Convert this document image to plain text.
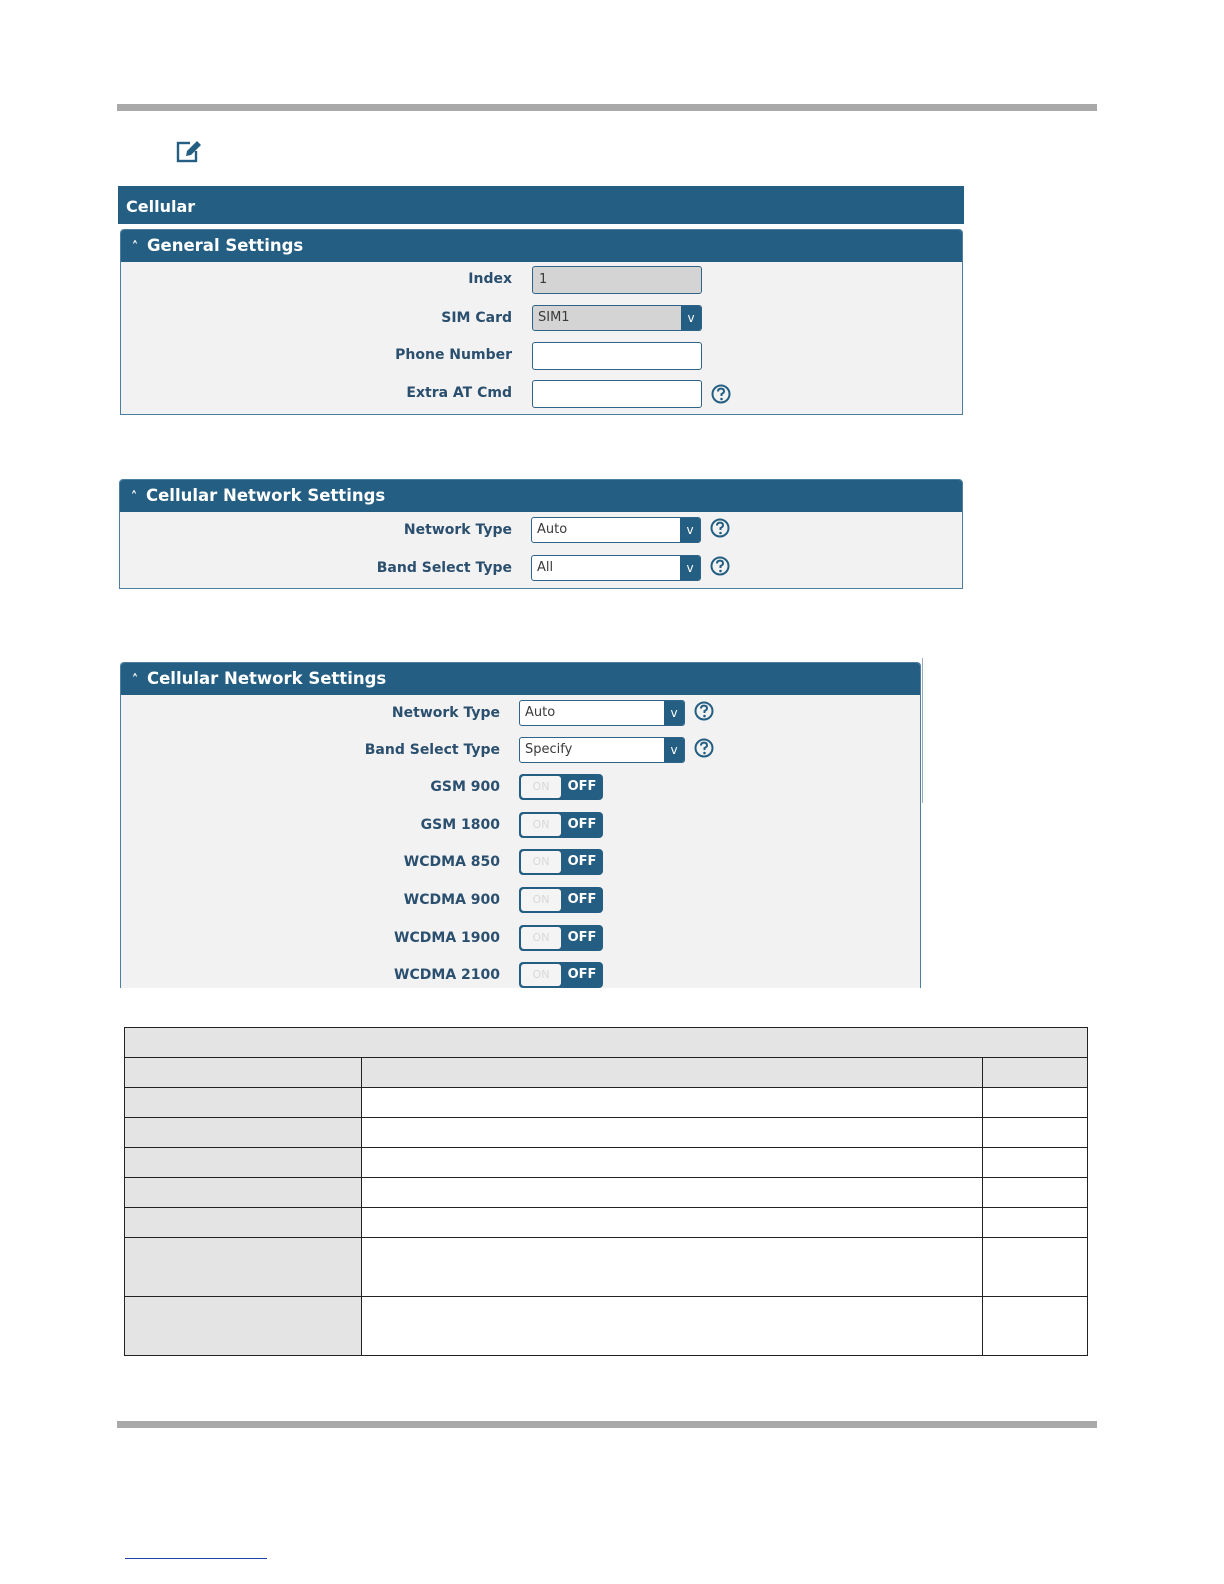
Cellular
˄ General Settings
Index	1
SIM Card	SIM1	v
Phone Number
Extra AT Cmd
˄ Cellular Network Settings
Network Type	Auto	v
Band Select Type	All	v
˄ Cellular Network Settings
Network Type	Auto	v
Band Select Type	Specify	v
GSM 900	ON	OFF
GSM 1800	ON	OFF
WCDMA 850	ON	OFF
WCDMA 900	ON	OFF
WCDMA 1900	ON	OFF
WCDMA 2100	ON	OFF
